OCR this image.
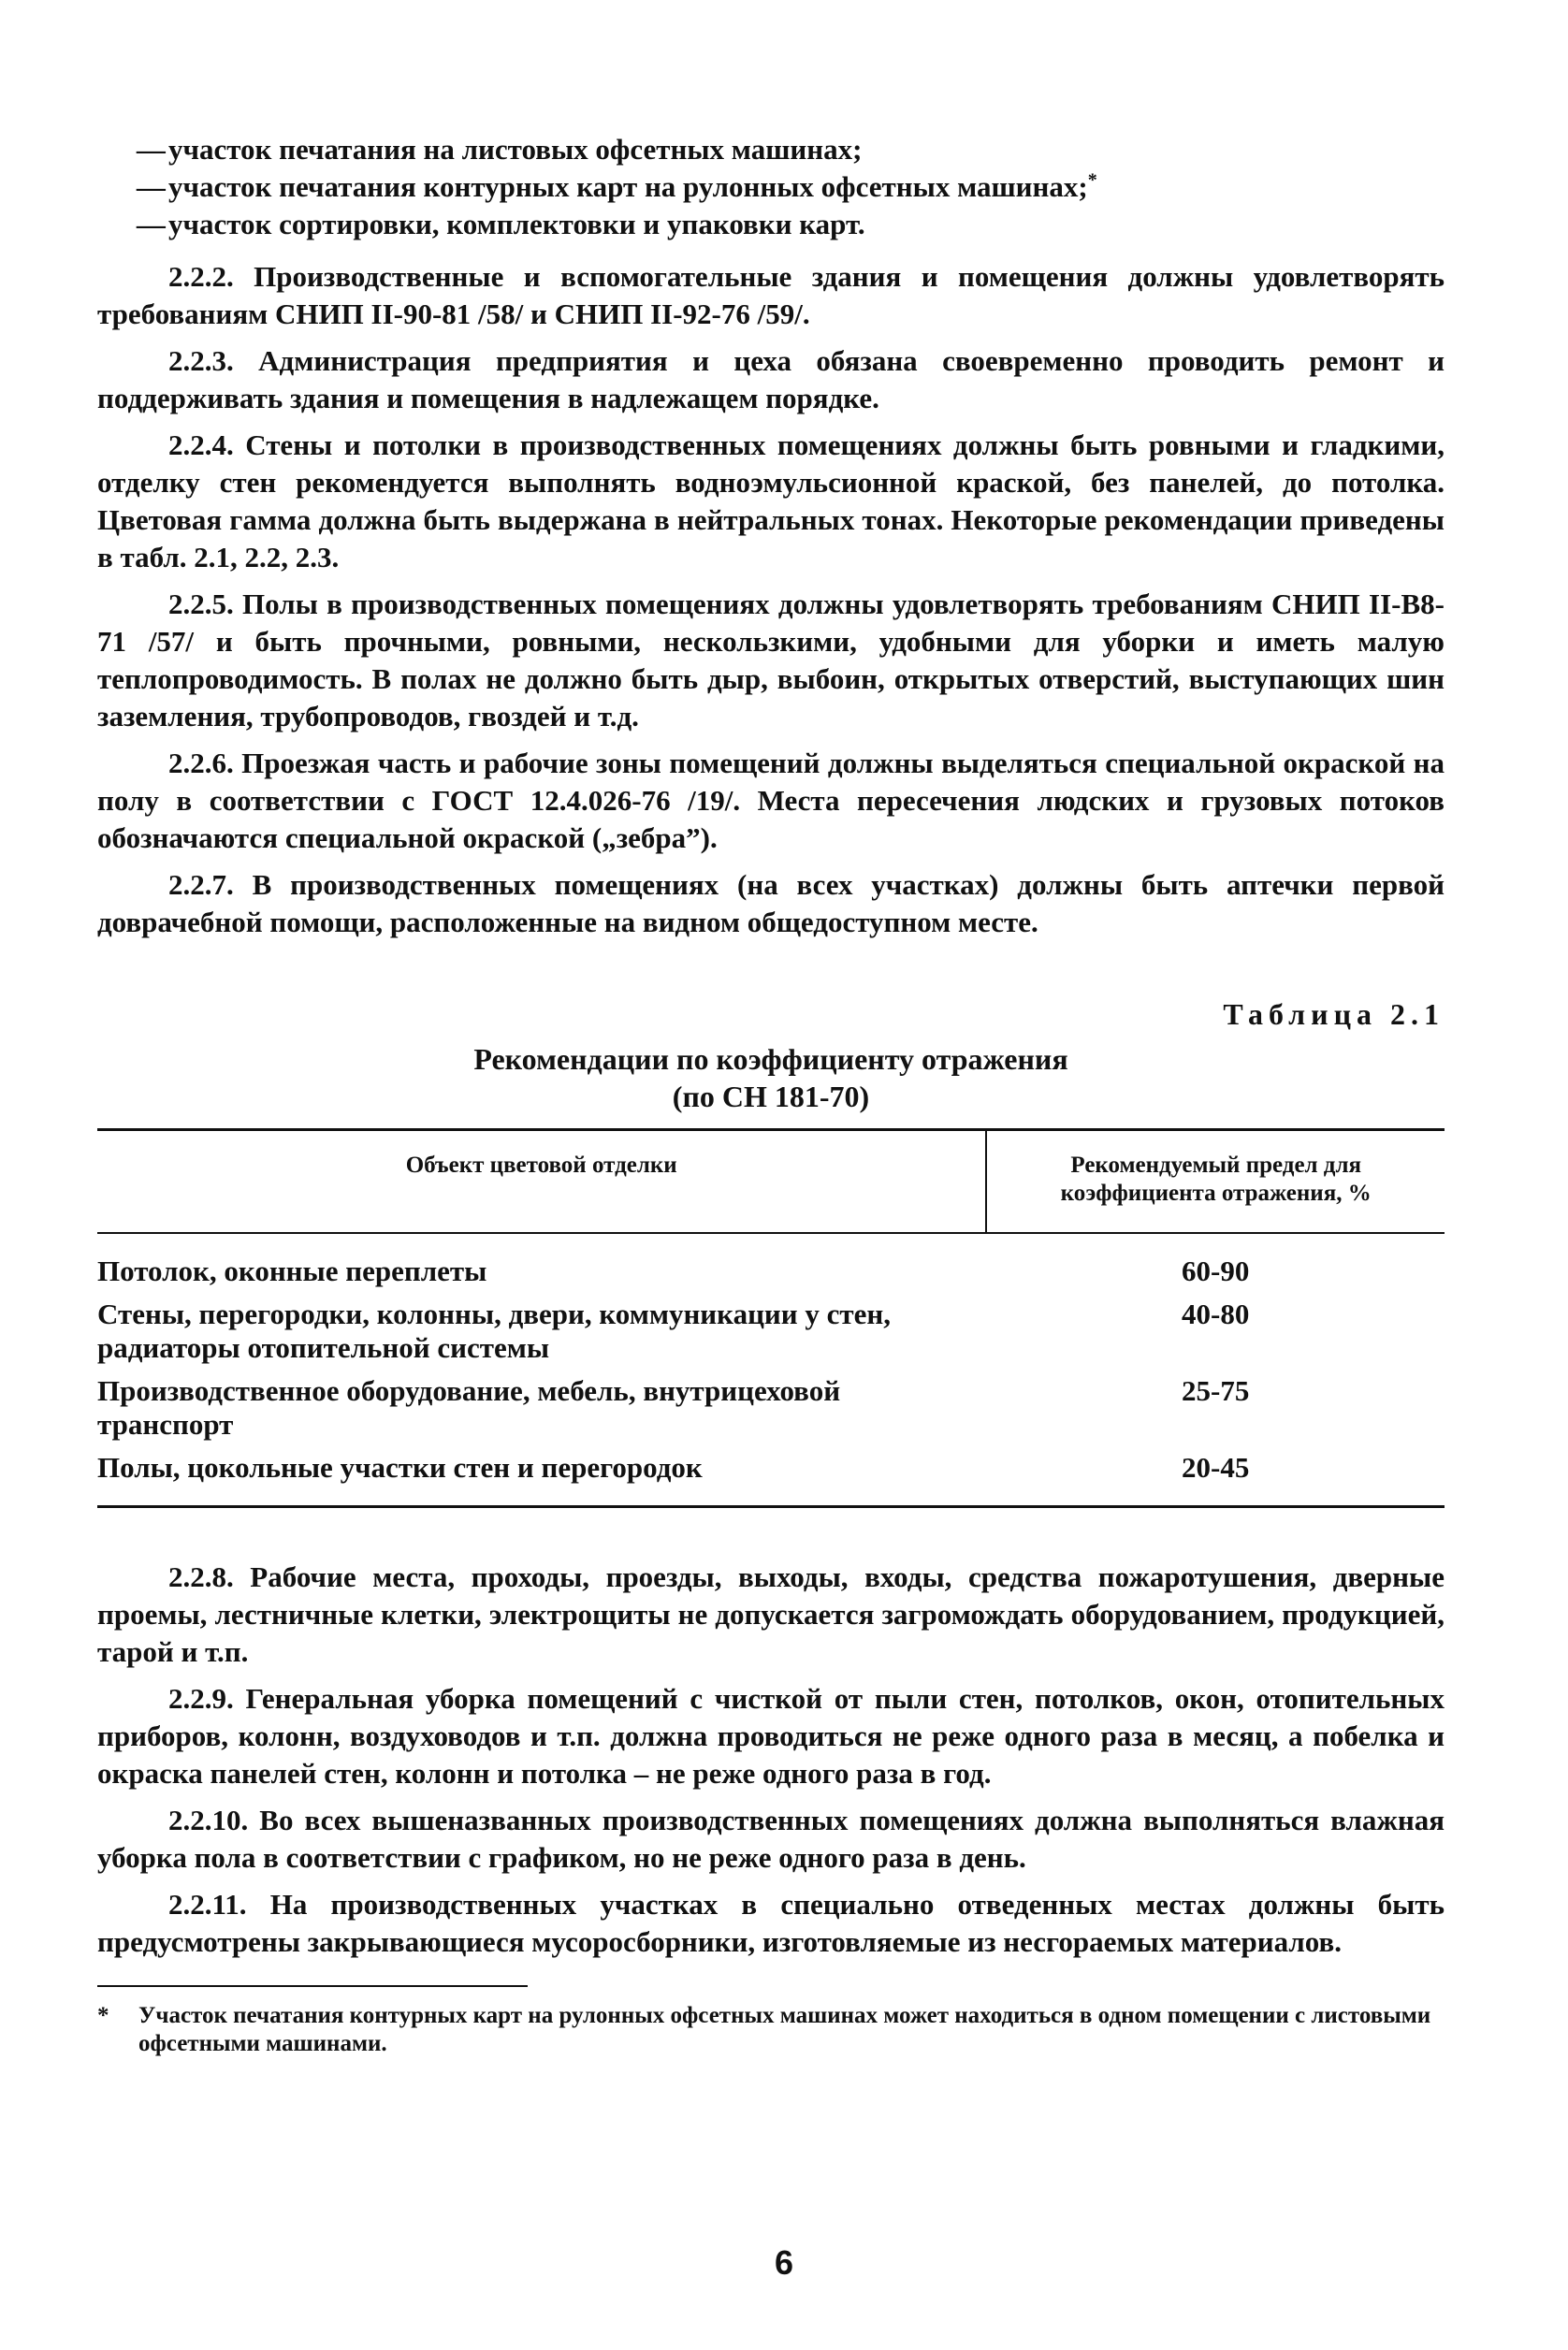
— участок печатания на листовых офсетных машинах;
— участок печатания контурных карт на рулонных офсетных машинах;*
— участок сортировки, комплектовки и упаковки карт.

2.2.2. Производственные и вспомогательные здания и помещения должны удовлетворять требованиям СНИП II-90-81 /58/ и СНИП II-92-76 /59/.

2.2.3. Администрация предприятия и цеха обязана своевременно проводить ремонт и поддерживать здания и помещения в надлежащем порядке.

2.2.4. Стены и потолки в производственных помещениях должны быть ровными и гладкими, отделку стен рекомендуется выполнять водноэмульсионной краской, без панелей, до потолка. Цветовая гамма должна быть выдержана в нейтральных тонах. Некоторые рекомендации приведены в табл. 2.1, 2.2, 2.3.

2.2.5. Полы в производственных помещениях должны удовлетворять требованиям СНИП II-В8-71 /57/ и быть прочными, ровными, нескользкими, удобными для уборки и иметь малую теплопроводимость. В полах не должно быть дыр, выбоин, открытых отверстий, выступающих шин заземления, трубопроводов, гвоздей и т.д.

2.2.6. Проезжая часть и рабочие зоны помещений должны выделяться специальной окраской на полу в соответствии с ГОСТ 12.4.026-76 /19/. Места пересечения людских и грузовых потоков обозначаются специальной окраской („зебра”).

2.2.7. В производственных помещениях (на всех участках) должны быть аптечки первой доврачебной помощи, расположенные на видном общедоступном месте.

Таблица 2.1
Рекомендации по коэффициенту отражения
(по СН 181-70)
Объект цветовой отделки	Рекомендуемый предел для коэффициента отражения, %
Потолок, оконные переплеты	60-90
Стены, перегородки, колонны, двери, коммуникации у стен, радиаторы отопительной системы	40-80
Производственное оборудование, мебель, внутрицеховой транспорт	25-75
Полы, цокольные участки стен и перегородок	20-45

2.2.8. Рабочие места, проходы, проезды, выходы, входы, средства пожаротушения, дверные проемы, лестничные клетки, электрощиты не допускается загромождать оборудованием, продукцией, тарой и т.п.

2.2.9. Генеральная уборка помещений с чисткой от пыли стен, потолков, окон, отопительных приборов, колонн, воздуховодов и т.п. должна проводиться не реже одного раза в месяц, а побелка и окраска панелей стен, колонн и потолка – не реже одного раза в год.

2.2.10. Во всех вышеназванных производственных помещениях должна выполняться влажная уборка пола в соответствии с графиком, но не реже одного раза в день.

2.2.11. На производственных участках в специально отведенных местах должны быть предусмотрены закрывающиеся мусоросборники, изготовляемые из несгораемых материалов.

* Участок печатания контурных карт на рулонных офсетных машинах может находиться в одном помещении с листовыми офсетными машинами.
6
